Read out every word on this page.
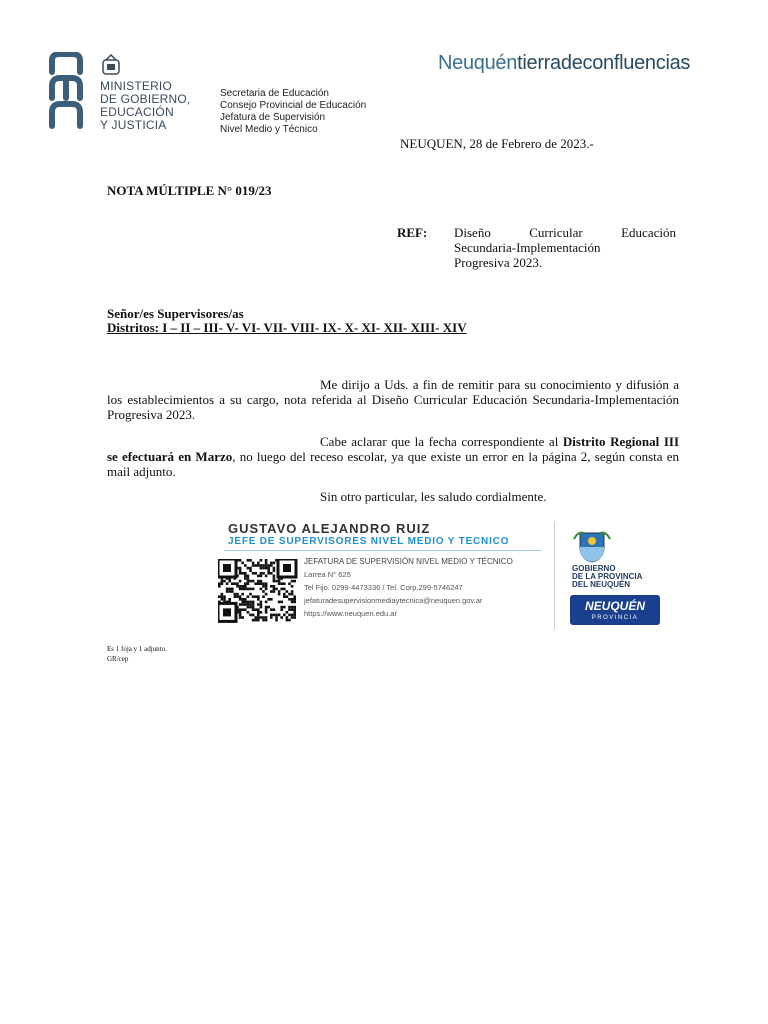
MINISTERIO
DE GOBIERNO,
EDUCACIÓN
Y JUSTICIA
Secretaria de Educación
Consejo Provincial de Educación
Jefatura de Supervisión
Nivel Medio y Técnico
Neuquéntierradeconfluencias
NEUQUEN, 28 de Febrero de 2023.-
NOTA MÚLTIPLE N° 019/23
REF: Diseño	Curricular	Educación
Secundaria-Implementación
Progresiva 2023.
Señor/es Supervisores/as
Distritos: I – II – III- V- VI- VII- VIII- IX- X- XI- XII- XIII- XIV

Me dirijo a Uds. a fin de remitir para su conocimiento y difusión a los establecimientos a su cargo, nota referida al Diseño Curricular Educación Secundaria-Implementación Progresiva 2023.

Cabe aclarar que la fecha correspondiente al Distrito Regional III se efectuará en Marzo, no luego del receso escolar, ya que existe un error en la página 2, según consta en mail adjunto.

Sin otro particular, les saludo cordialmente.

GUSTAVO ALEJANDRO RUIZ
JEFE DE SUPERVISORES NIVEL MEDIO Y TECNICO
JEFATURA DE SUPERVISIÓN NIVEL MEDIO Y TÉCNICO
Larrea N° 625
Tel Fijo. 0299-4473336 / Tel. Corp.299-5746247
jefaturadesupervisionmediaytecnica@neuquen.gov.ar
https://www.neuquen.edu.ar
GOBIERNO
DE LA PROVINCIA
DEL NEUQUÉN
NEUQUÉN
PROVINCIA
Es 1 foja y 1 adjunto.
GR/cep
